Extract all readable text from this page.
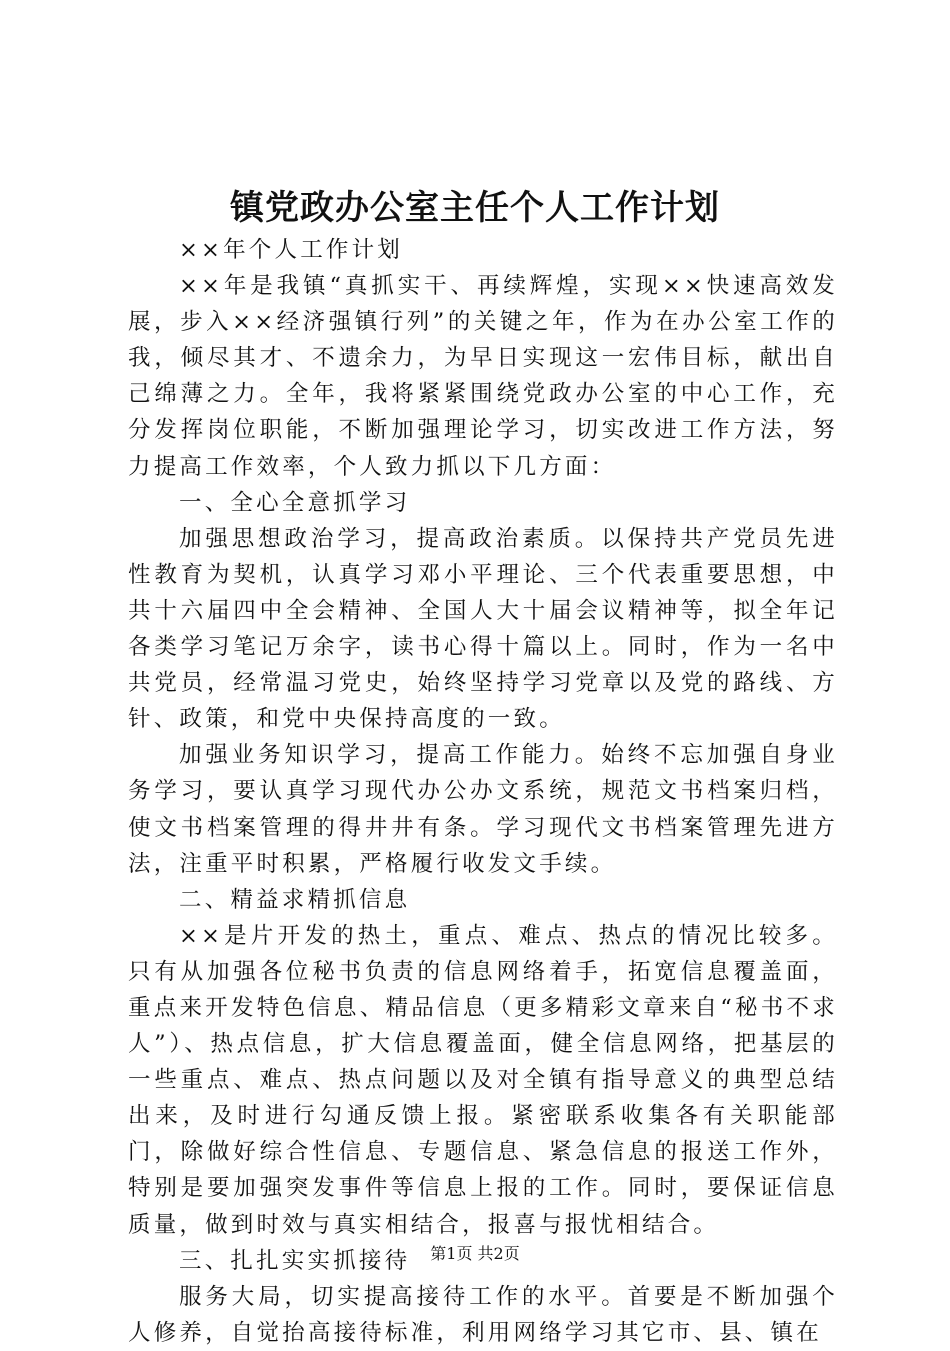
镇党政办公室主任个人工作计划

××年个人工作计划

××年是我镇“真抓实干、再续辉煌，实现××快速高效发展，步入××经济强镇行列”的关键之年，作为在办公室工作的我，倾尽其才、不遗余力，为早日实现这一宏伟目标，献出自己绵薄之力。全年，我将紧紧围绕党政办公室的中心工作，充分发挥岗位职能，不断加强理论学习，切实改进工作方法，努力提高工作效率，个人致力抓以下几方面：

一、全心全意抓学习

加强思想政治学习，提高政治素质。以保持共产党员先进性教育为契机，认真学习邓小平理论、三个代表重要思想，中共十六届四中全会精神、全国人大十届会议精神等，拟全年记各类学习笔记万余字，读书心得十篇以上。同时，作为一名中共党员，经常温习党史，始终坚持学习党章以及党的路线、方针、政策，和党中央保持高度的一致。

加强业务知识学习，提高工作能力。始终不忘加强自身业务学习，要认真学习现代办公办文系统，规范文书档案归档，使文书档案管理的得井井有条。学习现代文书档案管理先进方法，注重平时积累，严格履行收发文手续。

二、精益求精抓信息

××是片开发的热土，重点、难点、热点的情况比较多。只有从加强各位秘书负责的信息网络着手，拓宽信息覆盖面，重点来开发特色信息、精品信息（更多精彩文章来自“秘书不求人”）、热点信息，扩大信息覆盖面，健全信息网络，把基层的一些重点、难点、热点问题以及对全镇有指导意义的典型总结出来，及时进行勾通反馈上报。紧密联系收集各有关职能部门，除做好综合性信息、专题信息、紧急信息的报送工作外，特别是要加强突发事件等信息上报的工作。同时，要保证信息质量，做到时效与真实相结合，报喜与报忧相结合。

三、扎扎实实抓接待

服务大局，切实提高接待工作的水平。首要是不断加强个人修养，自觉抬高接待标准，利用网络学习其它市、县、镇在

第1页 共2页
